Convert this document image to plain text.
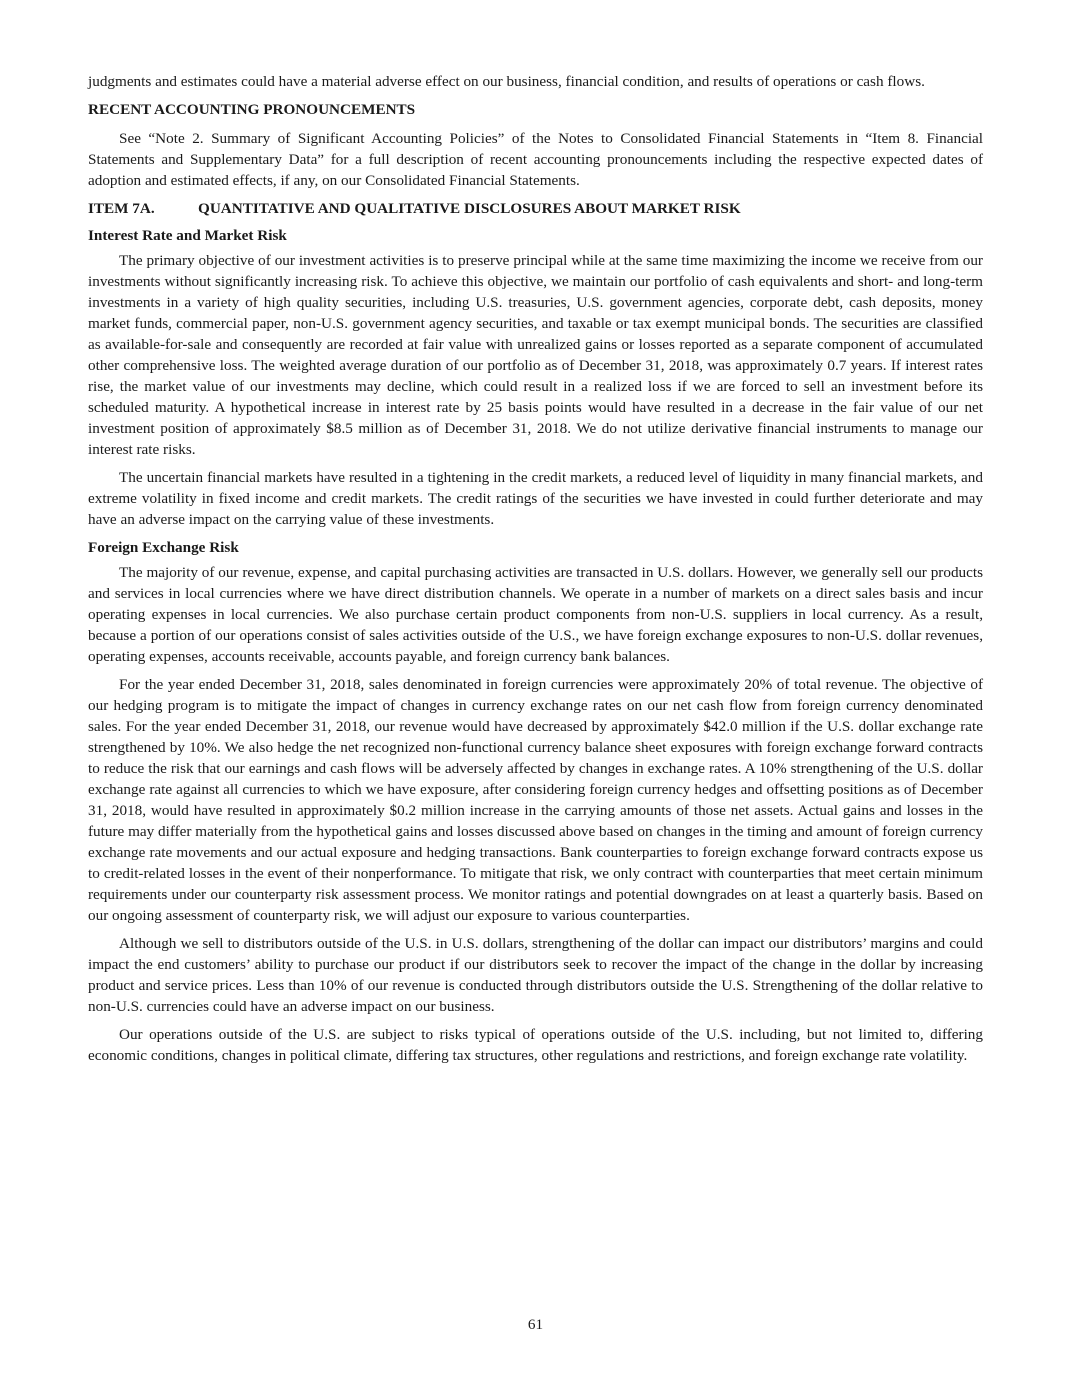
judgments and estimates could have a material adverse effect on our business, financial condition, and results of operations or cash flows.

RECENT ACCOUNTING PRONOUNCEMENTS

See “Note 2. Summary of Significant Accounting Policies” of the Notes to Consolidated Financial Statements in “Item 8. Financial Statements and Supplementary Data” for a full description of recent accounting pronouncements including the respective expected dates of adoption and estimated effects, if any, on our Consolidated Financial Statements.

ITEM 7A.	QUANTITATIVE AND QUALITATIVE DISCLOSURES ABOUT MARKET RISK
Interest Rate and Market Risk

The primary objective of our investment activities is to preserve principal while at the same time maximizing the income we receive from our investments without significantly increasing risk. To achieve this objective, we maintain our portfolio of cash equivalents and short- and long-term investments in a variety of high quality securities, including U.S. treasuries, U.S. government agencies, corporate debt, cash deposits, money market funds, commercial paper, non-U.S. government agency securities, and taxable or tax exempt municipal bonds. The securities are classified as available-for-sale and consequently are recorded at fair value with unrealized gains or losses reported as a separate component of accumulated other comprehensive loss. The weighted average duration of our portfolio as of December 31, 2018, was approximately 0.7 years. If interest rates rise, the market value of our investments may decline, which could result in a realized loss if we are forced to sell an investment before its scheduled maturity. A hypothetical increase in interest rate by 25 basis points would have resulted in a decrease in the fair value of our net investment position of approximately $8.5 million as of December 31, 2018. We do not utilize derivative financial instruments to manage our interest rate risks.

The uncertain financial markets have resulted in a tightening in the credit markets, a reduced level of liquidity in many financial markets, and extreme volatility in fixed income and credit markets. The credit ratings of the securities we have invested in could further deteriorate and may have an adverse impact on the carrying value of these investments.

Foreign Exchange Risk

The majority of our revenue, expense, and capital purchasing activities are transacted in U.S. dollars. However, we generally sell our products and services in local currencies where we have direct distribution channels. We operate in a number of markets on a direct sales basis and incur operating expenses in local currencies. We also purchase certain product components from non-U.S. suppliers in local currency. As a result, because a portion of our operations consist of sales activities outside of the U.S., we have foreign exchange exposures to non-U.S. dollar revenues, operating expenses, accounts receivable, accounts payable, and foreign currency bank balances.

For the year ended December 31, 2018, sales denominated in foreign currencies were approximately 20% of total revenue. The objective of our hedging program is to mitigate the impact of changes in currency exchange rates on our net cash flow from foreign currency denominated sales. For the year ended December 31, 2018, our revenue would have decreased by approximately $42.0 million if the U.S. dollar exchange rate strengthened by 10%. We also hedge the net recognized non-functional currency balance sheet exposures with foreign exchange forward contracts to reduce the risk that our earnings and cash flows will be adversely affected by changes in exchange rates. A 10% strengthening of the U.S. dollar exchange rate against all currencies to which we have exposure, after considering foreign currency hedges and offsetting positions as of December 31, 2018, would have resulted in approximately $0.2 million increase in the carrying amounts of those net assets. Actual gains and losses in the future may differ materially from the hypothetical gains and losses discussed above based on changes in the timing and amount of foreign currency exchange rate movements and our actual exposure and hedging transactions. Bank counterparties to foreign exchange forward contracts expose us to credit-related losses in the event of their nonperformance. To mitigate that risk, we only contract with counterparties that meet certain minimum requirements under our counterparty risk assessment process. We monitor ratings and potential downgrades on at least a quarterly basis. Based on our ongoing assessment of counterparty risk, we will adjust our exposure to various counterparties.

Although we sell to distributors outside of the U.S. in U.S. dollars, strengthening of the dollar can impact our distributors’ margins and could impact the end customers’ ability to purchase our product if our distributors seek to recover the impact of the change in the dollar by increasing product and service prices. Less than 10% of our revenue is conducted through distributors outside the U.S. Strengthening of the dollar relative to non-U.S. currencies could have an adverse impact on our business.

Our operations outside of the U.S. are subject to risks typical of operations outside of the U.S. including, but not limited to, differing economic conditions, changes in political climate, differing tax structures, other regulations and restrictions, and foreign exchange rate volatility.

61
